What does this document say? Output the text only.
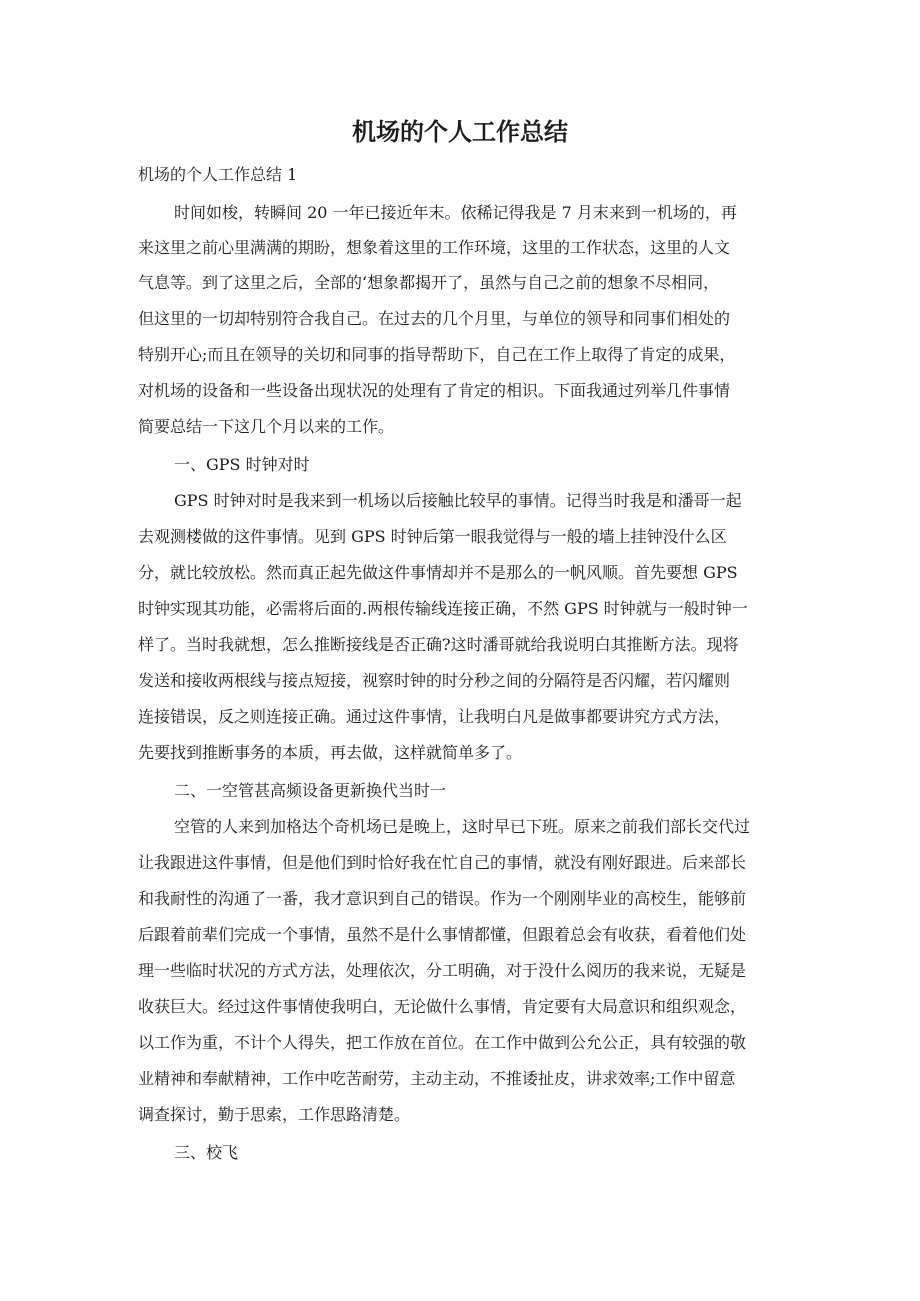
机场的个人工作总结
机场的个人工作总结 1
时间如梭，转瞬间 20 一年已接近年末。依稀记得我是 7 月末来到一机场的，再
来这里之前心里满满的期盼，想象着这里的工作环境，这里的工作状态，这里的人文
气息等。到了这里之后，全部的‘想象都揭开了，虽然与自己之前的想象不尽相同，
但这里的一切却特别符合我自己。在过去的几个月里，与单位的领导和同事们相处的
特别开心;而且在领导的关切和同事的指导帮助下，自己在工作上取得了肯定的成果，
对机场的设备和一些设备出现状况的处理有了肯定的相识。下面我通过列举几件事情
简要总结一下这几个月以来的工作。
一、GPS 时钟对时
GPS 时钟对时是我来到一机场以后接触比较早的事情。记得当时我是和潘哥一起
去观测楼做的这件事情。见到 GPS 时钟后第一眼我觉得与一般的墙上挂钟没什么区
分，就比较放松。然而真正起先做这件事情却并不是那么的一帆风顺。首先要想 GPS
时钟实现其功能，必需将后面的.两根传输线连接正确，不然 GPS 时钟就与一般时钟一
样了。当时我就想，怎么推断接线是否正确?这时潘哥就给我说明白其推断方法。现将
发送和接收两根线与接点短接，视察时钟的时分秒之间的分隔符是否闪耀，若闪耀则
连接错误，反之则连接正确。通过这件事情，让我明白凡是做事都要讲究方式方法，
先要找到推断事务的本质，再去做，这样就简单多了。
二、一空管甚高频设备更新换代当时一
空管的人来到加格达个奇机场已是晚上，这时早已下班。原来之前我们部长交代过
让我跟进这件事情，但是他们到时恰好我在忙自己的事情，就没有刚好跟进。后来部长
和我耐性的沟通了一番，我才意识到自己的错误。作为一个刚刚毕业的高校生，能够前
后跟着前辈们完成一个事情，虽然不是什么事情都懂，但跟着总会有收获，看着他们处
理一些临时状况的方式方法，处理依次，分工明确，对于没什么阅历的我来说，无疑是
收获巨大。经过这件事情使我明白，无论做什么事情，肯定要有大局意识和组织观念，
以工作为重，不计个人得失，把工作放在首位。在工作中做到公允公正，具有较强的敬
业精神和奉献精神，工作中吃苦耐劳，主动主动，不推诿扯皮，讲求效率;工作中留意
调查探讨，勤于思索，工作思路清楚。
三、校飞
